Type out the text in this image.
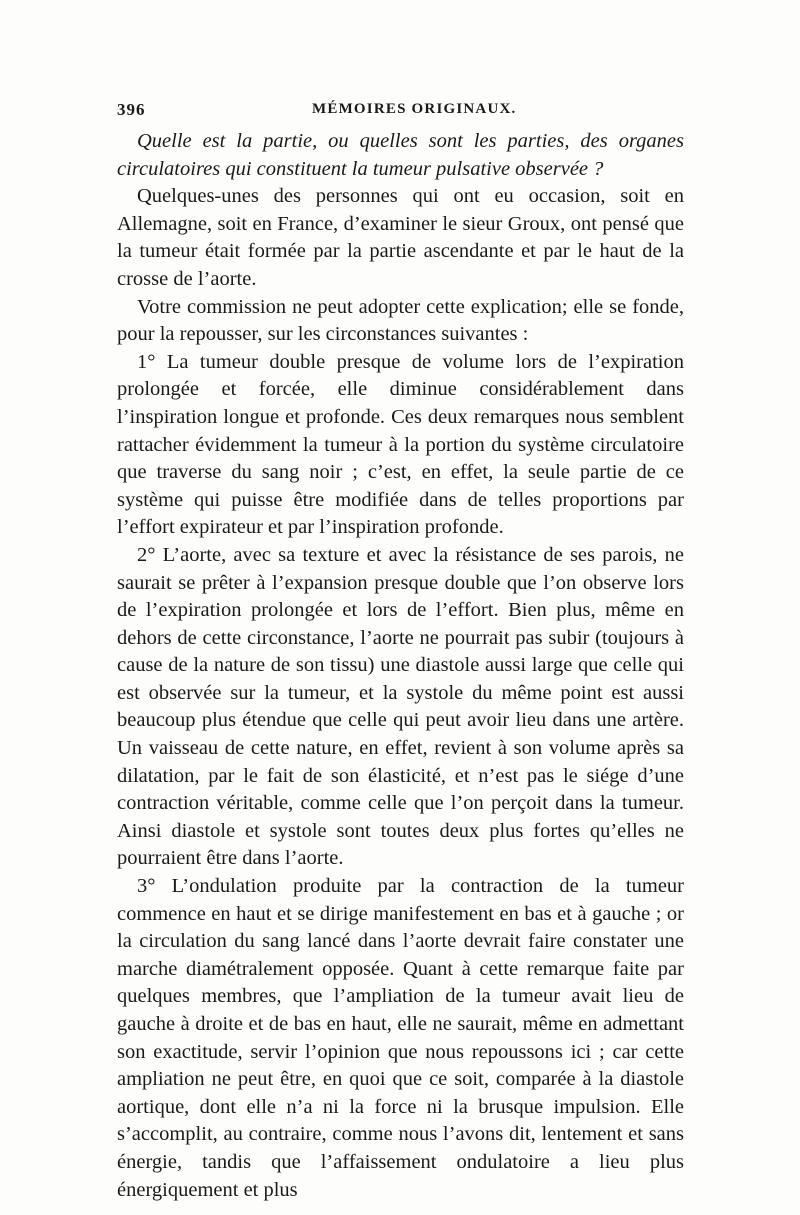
396	MÉMOIRES ORIGINAUX.

Quelle est la partie, ou quelles sont les parties, des organes circulatoires qui constituent la tumeur pulsative observée ?

Quelques-unes des personnes qui ont eu occasion, soit en Allemagne, soit en France, d’examiner le sieur Groux, ont pensé que la tumeur était formée par la partie ascendante et par le haut de la crosse de l’aorte.

Votre commission ne peut adopter cette explication; elle se fonde, pour la repousser, sur les circonstances suivantes :

1° La tumeur double presque de volume lors de l’expiration prolongée et forcée, elle diminue considérablement dans l’inspiration longue et profonde. Ces deux remarques nous semblent rattacher évidemment la tumeur à la portion du système circulatoire que traverse du sang noir ; c’est, en effet, la seule partie de ce système qui puisse être modifiée dans de telles proportions par l’effort expirateur et par l’inspiration profonde.

2° L’aorte, avec sa texture et avec la résistance de ses parois, ne saurait se prêter à l’expansion presque double que l’on observe lors de l’expiration prolongée et lors de l’effort. Bien plus, même en dehors de cette circonstance, l’aorte ne pourrait pas subir (toujours à cause de la nature de son tissu) une diastole aussi large que celle qui est observée sur la tumeur, et la systole du même point est aussi beaucoup plus étendue que celle qui peut avoir lieu dans une artère. Un vaisseau de cette nature, en effet, revient à son volume après sa dilatation, par le fait de son élasticité, et n’est pas le siége d’une contraction véritable, comme celle que l’on perçoit dans la tumeur. Ainsi diastole et systole sont toutes deux plus fortes qu’elles ne pourraient être dans l’aorte.

3° L’ondulation produite par la contraction de la tumeur commence en haut et se dirige manifestement en bas et à gauche ; or la circulation du sang lancé dans l’aorte devrait faire constater une marche diamétralement opposée. Quant à cette remarque faite par quelques membres, que l’ampliation de la tumeur avait lieu de gauche à droite et de bas en haut, elle ne saurait, même en admettant son exactitude, servir l’opinion que nous repoussons ici ; car cette ampliation ne peut être, en quoi que ce soit, comparée à la diastole aortique, dont elle n’a ni la force ni la brusque impulsion. Elle s’accomplit, au contraire, comme nous l’avons dit, lentement et sans énergie, tandis que l’affaissement ondulatoire a lieu plus énergiquement et plus
